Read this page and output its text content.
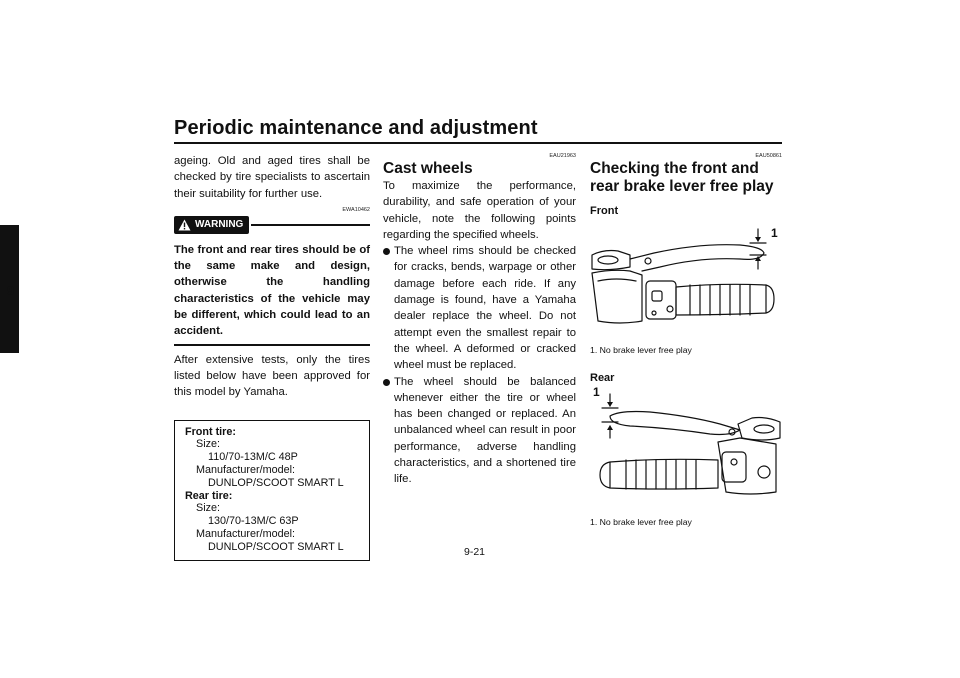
Periodic maintenance and adjustment
9

ageing. Old and aged tires shall be checked by tire specialists to ascertain their suitability for further use.

EWA10462
WARNING
The front and rear tires should be of the same make and design, otherwise the handling characteristics of the vehicle may be different, which could lead to an accident.

After extensive tests, only the tires listed below have been approved for this model by Yamaha.

Front tire:
Size:
110/70-13M/C 48P
Manufacturer/model:
DUNLOP/SCOOT SMART L
Rear tire:
Size:
130/70-13M/C 63P
Manufacturer/model:
DUNLOP/SCOOT SMART L
EAU21963
Cast wheels

To maximize the performance, durability, and safe operation of your vehicle, note the following points regarding the specified wheels.

The wheel rims should be checked for cracks, bends, warpage or other damage before each ride. If any damage is found, have a Yamaha dealer replace the wheel. Do not attempt even the smallest repair to the wheel. A deformed or cracked wheel must be replaced.
The wheel should be balanced whenever either the tire or wheel has been changed or replaced. An unbalanced wheel can result in poor performance, adverse handling characteristics, and a shortened tire life.
EAU50861
Checking the front and rear brake lever free play
Front
1
1. No brake lever free play
Rear
1
1. No brake lever free play
9-21
